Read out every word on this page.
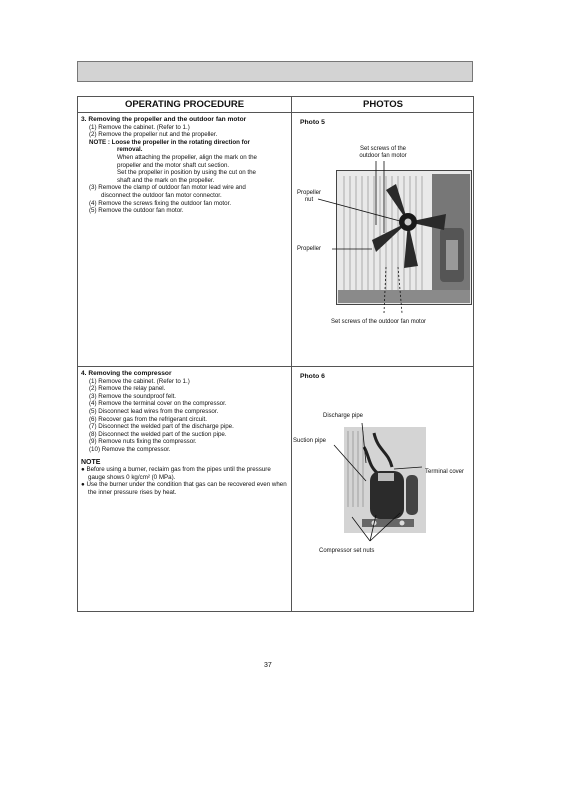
OPERATING PROCEDURE	PHOTOS
3. Removing the propeller and the outdoor fan motor
(1) Remove the cabinet. (Refer to 1.)
(2) Remove the propeller nut and the propeller.
NOTE : Loose the propeller in the rotating direction for
removal.
When attaching the propeller, align the mark on the
propeller and the motor shaft cut section.
Set the propeller in position by using the cut on the
shaft and the mark on the propeller.
(3) Remove the clamp of outdoor fan motor lead wire and
disconnect the outdoor fan motor connector.
(4) Remove the screws fixing the outdoor fan motor.
(5) Remove the outdoor fan motor.
Photo 5
Set screws of the
outdoor fan motor
Propeller
nut
Propeller
Set screws of the outdoor fan motor
4. Removing the compressor
(1) Remove the cabinet. (Refer to 1.)
(2) Remove the relay panel.
(3) Remove the soundproof felt.
(4) Remove the terminal cover on the compressor.
(5) Disconnect lead wires from the compressor.
(6) Recover gas from the refrigerant circuit.
(7) Disconnect the welded part of the discharge pipe.
(8) Disconnect the welded part of the suction pipe.
(9) Remove nuts fixing the compressor.
(10) Remove the compressor.
NOTE
● Before using a burner, reclaim gas from the pipes until the pressure gauge shows 0 kg/cm² (0 MPa).
● Use the burner under the condition that gas can be recovered even when the inner pressure rises by heat.
Photo 6
Discharge pipe
Suction pipe
Terminal cover
Compressor set nuts
37
